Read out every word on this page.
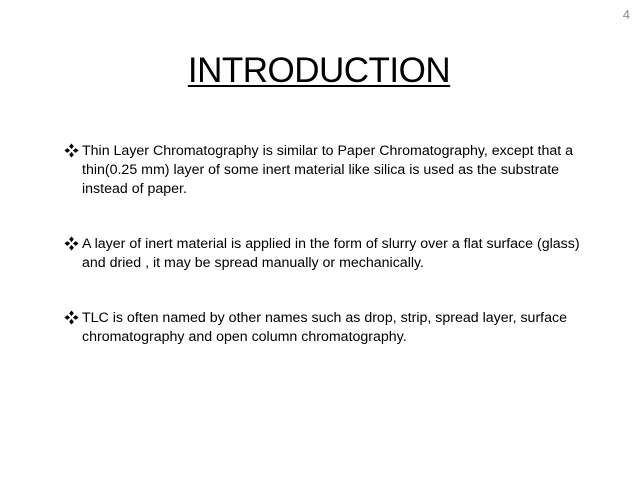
4
INTRODUCTION
Thin Layer Chromatography is similar to Paper Chromatography, except that a thin(0.25 mm) layer of some inert material like silica is used as the substrate instead of paper.
A layer of inert material is applied in the form of slurry over a flat surface (glass) and dried , it may be spread manually or mechanically.
TLC is often named by other names such as drop, strip, spread layer, surface chromatography and open column chromatography.
